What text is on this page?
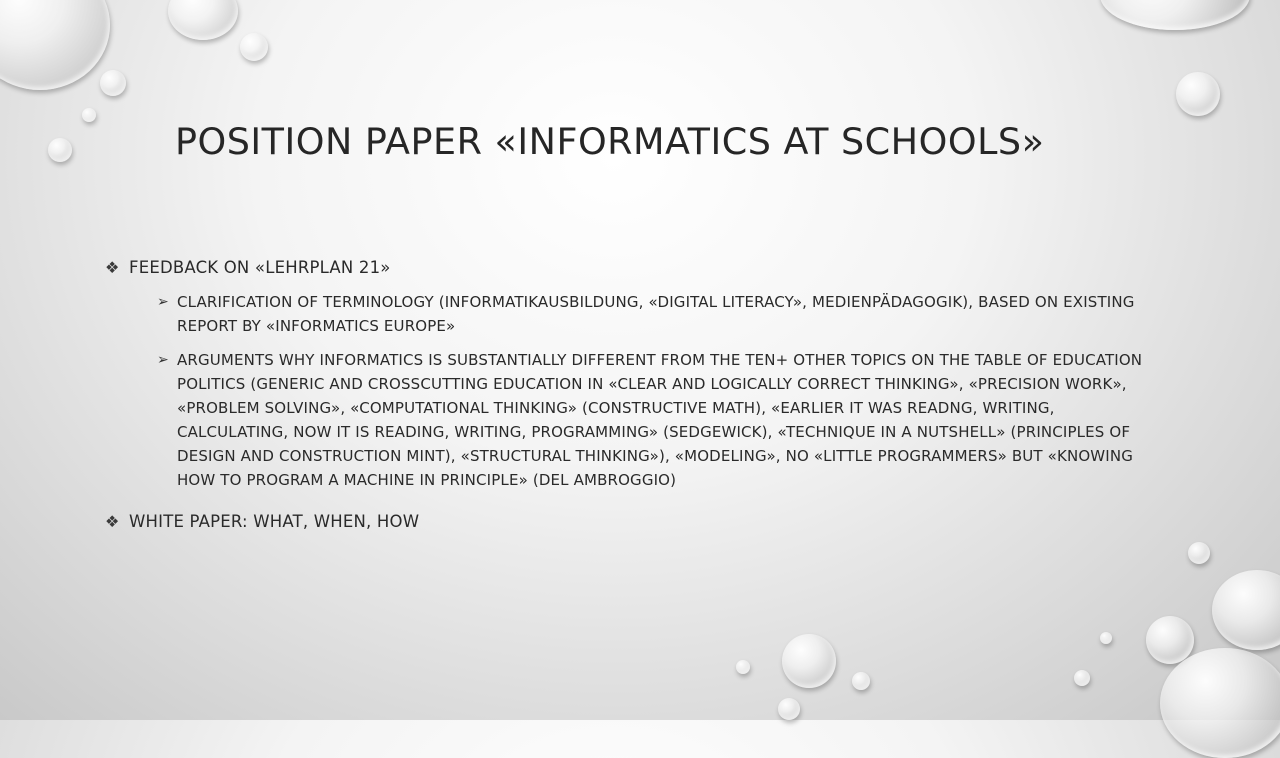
POSITION PAPER «INFORMATICS AT SCHOOLS»
❖ FEEDBACK ON «LEHRPLAN 21»
➢ CLARIFICATION OF TERMINOLOGY (INFORMATIKAUSBILDUNG, «DIGITAL LITERACY», MEDIENPÄDAGOGIK), BASED ON EXISTING REPORT BY «INFORMATICS EUROPE»
➢ ARGUMENTS WHY INFORMATICS IS SUBSTANTIALLY DIFFERENT FROM THE TEN+ OTHER TOPICS ON THE TABLE OF EDUCATION POLITICS (GENERIC AND CROSSCUTTING EDUCATION IN «CLEAR AND LOGICALLY CORRECT THINKING», «PRECISION WORK», «PROBLEM SOLVING», «COMPUTATIONAL THINKING» (CONSTRUCTIVE MATH), «EARLIER IT WAS READNG, WRITING, CALCULATING, NOW IT IS READING, WRITING, PROGRAMMING» (SEDGEWICK), «TECHNIQUE IN A NUTSHELL» (PRINCIPLES OF DESIGN AND CONSTRUCTION MINT), «STRUCTURAL THINKING»), «MODELING», NO «LITTLE PROGRAMMERS» BUT «KNOWING HOW TO PROGRAM A MACHINE IN PRINCIPLE» (DEL AMBROGGIO)
❖ WHITE PAPER: WHAT, WHEN, HOW
